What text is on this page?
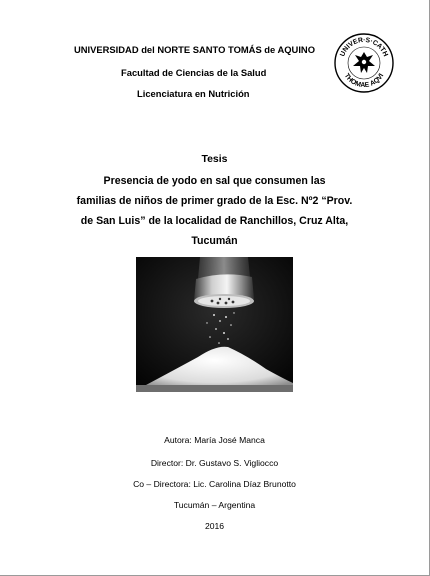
UNIVERSIDAD del NORTE SANTO TOMÁS de AQUINO
Facultad de Ciencias de la Salud
Licenciatura en Nutrición
UNIVER·S·CATH
THOMAE AQVI
Tesis
Presencia de yodo en sal que consumen las
familias de niños de primer grado de la Esc. Nº2 “Prov.
de San Luis” de la localidad de Ranchillos, Cruz Alta,
Tucumán
Autora: María José Manca
Director: Dr. Gustavo S. Vigliocco
Co – Directora: Lic. Carolina Díaz Brunotto
Tucumán – Argentina
2016
